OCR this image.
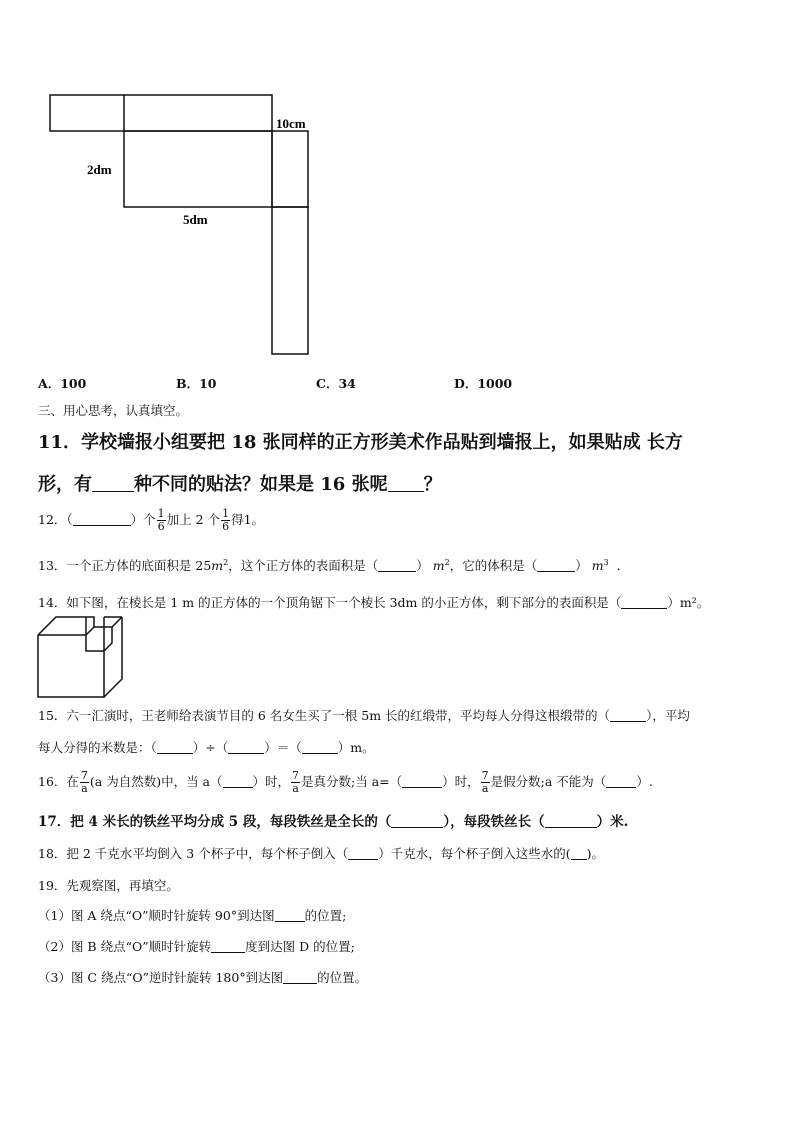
10cm
2dm
5dm
A．100	B．10	C．34	D．1000
三、用心思考，认真填空。
11．学校墙报小组要把 18 张同样的正方形美术作品贴到墙报上，如果贴成 长方
形，有 种不同的贴法？如果是 16 张呢 ？
12．（	）个 $\frac{1}{6}$ 加上 2 个 $\frac{1}{6}$ 得1。
13．一个正方体的底面积是 $25m^2$，这个正方体的表面积是（	） $m^2$，它的体积是（	） $m^3$ ．
14．如下图，在棱长是 1 m 的正方体的一个顶角锯下一个棱长 3dm 的小正方体，剩下部分的表面积是（	）m²。
15．六一汇演时，王老师给表演节目的 6 名女生买了一根 5m 长的红缎带，平均每人分得这根缎带的（	），平均
每人分得的米数是：（	）÷（	）＝（	）m。
16．在 $\frac{7}{a} (a$ 为自然数)中，当 a（ ）时， $\frac{7}{a}$ 是真分数;当 a=（	）时， $\frac{7}{a}$ 是假分数;a 不能为（ ）.
17．把 4 米长的铁丝平均分成 5 段，每段铁丝是全长的（	），每段铁丝长（	）米.
18．把 2 千克水平均倒入 3 个杯子中，每个杯子倒入（ ）千克水，每个杯子倒入这些水的( )。
19．先观察图，再填空。
（1）图 A 绕点“O”顺时针旋转 90°到达图 的位置;
（2）图 B 绕点“O”顺时针旋转	度到达图 D 的位置;
（3）图 C 绕点“O”逆时针旋转 180°到达图	的位置。
